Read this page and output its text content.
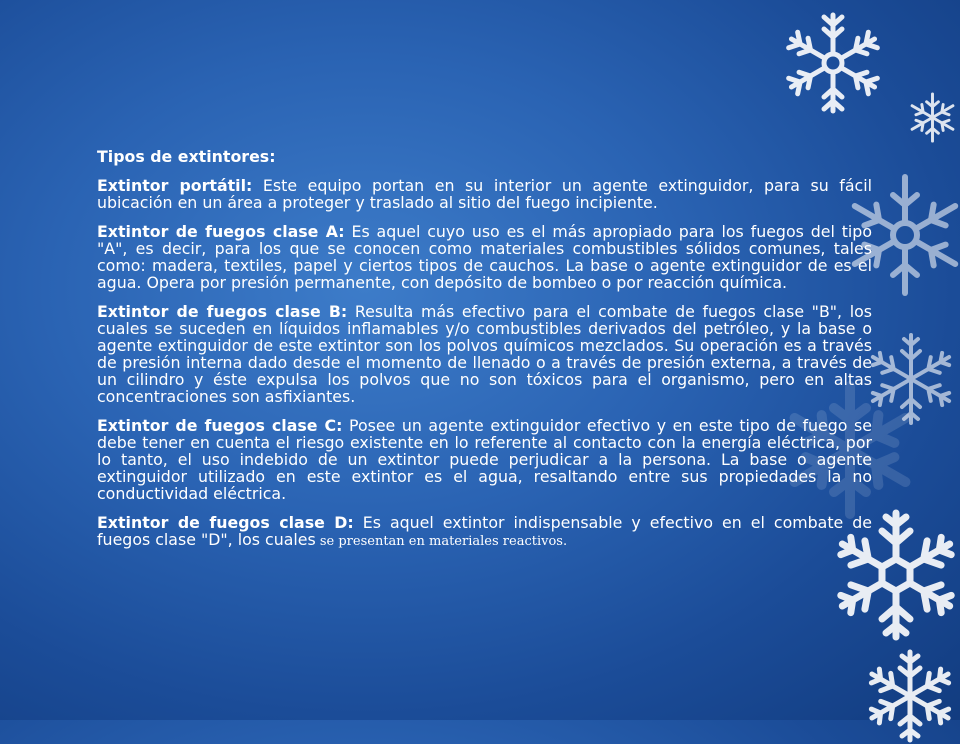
Tipos de extintores:

Extintor portátil: Este equipo portan en su interior un agente extinguidor, para su fácil ubicación en un área a proteger y traslado al sitio del fuego incipiente.

Extintor de fuegos clase A: Es aquel cuyo uso es el más apropiado para los fuegos del tipo "A", es decir, para los que se conocen como materiales combustibles sólidos comunes, tales como: madera, textiles, papel y ciertos tipos de cauchos. La base o agente extinguidor de es el agua. Opera por presión permanente, con depósito de bombeo o por reacción química.

Extintor de fuegos clase B: Resulta más efectivo para el combate de fuegos clase "B", los cuales se suceden en líquidos inflamables y/o combustibles derivados del petróleo, y la base o agente extinguidor de este extintor son los polvos químicos mezclados. Su operación es a través de presión interna dado desde el momento de llenado o a través de presión externa, a través de un cilindro y éste expulsa los polvos que no son tóxicos para el organismo, pero en altas concentraciones son asfixiantes.

Extintor de fuegos clase C: Posee un agente extinguidor efectivo y en este tipo de fuego se debe tener en cuenta el riesgo existente en lo referente al contacto con la energía eléctrica, por lo tanto, el uso indebido de un extintor puede perjudicar a la persona. La base o agente extinguidor utilizado en este extintor es el agua, resaltando entre sus propiedades la no conductividad eléctrica.

Extintor de fuegos clase D: Es aquel extintor indispensable y efectivo en el combate de fuegos clase "D", los cuales se presentan en materiales reactivos.
